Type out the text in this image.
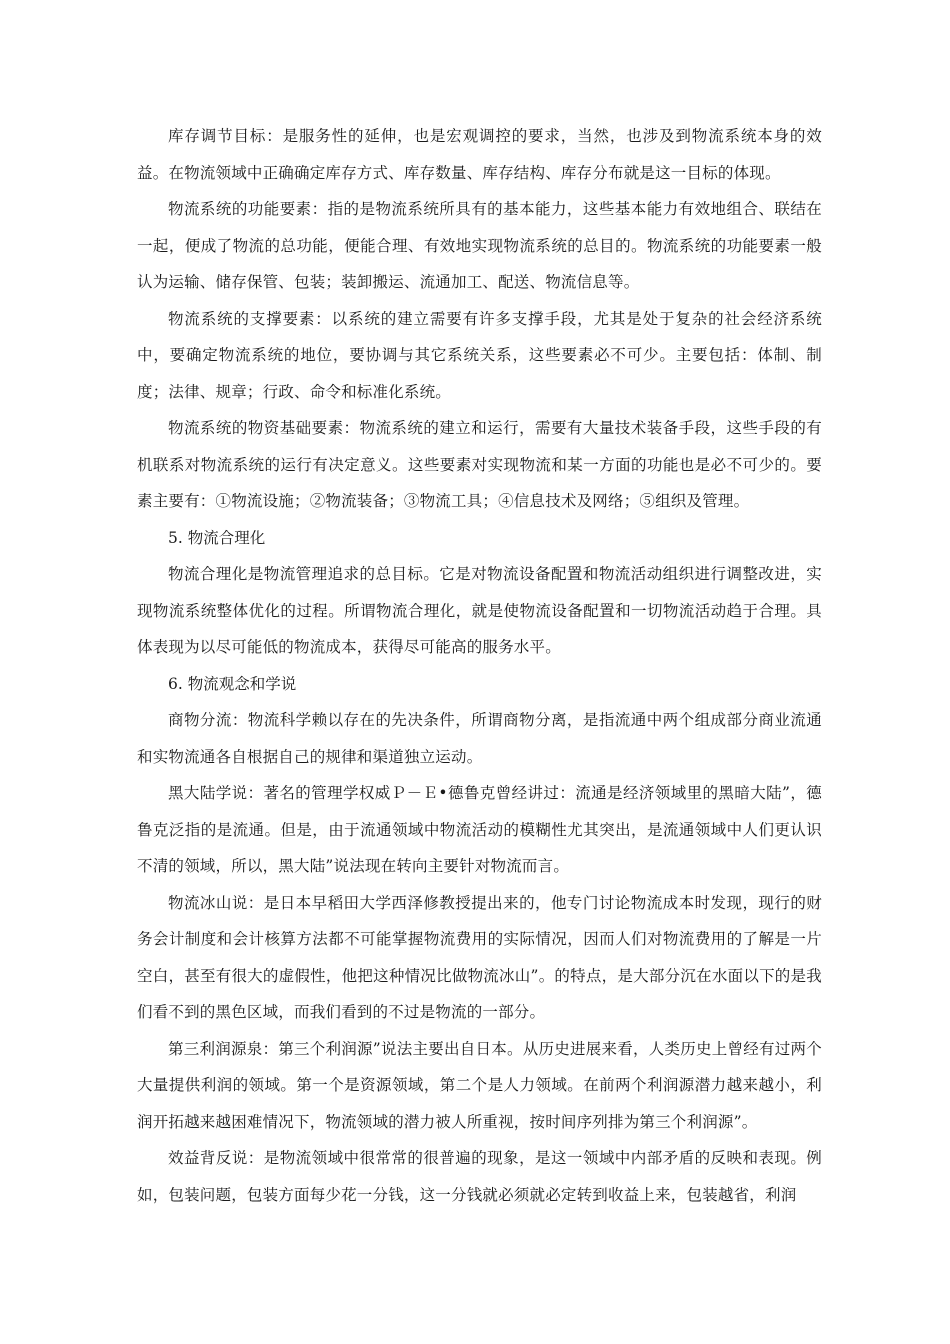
库存调节目标：是服务性的延伸，也是宏观调控的要求，当然，也涉及到物流系统本身的效益。在物流领域中正确确定库存方式、库存数量、库存结构、库存分布就是这一目标的体现。

物流系统的功能要素：指的是物流系统所具有的基本能力，这些基本能力有效地组合、联结在一起，便成了物流的总功能，便能合理、有效地实现物流系统的总目的。物流系统的功能要素一般认为运输、储存保管、包装；装卸搬运、流通加工、配送、物流信息等。

物流系统的支撑要素：以系统的建立需要有许多支撑手段，尤其是处于复杂的社会经济系统中，要确定物流系统的地位，要协调与其它系统关系，这些要素必不可少。主要包括：体制、制度；法律、规章；行政、命令和标准化系统。

物流系统的物资基础要素：物流系统的建立和运行，需要有大量技术装备手段，这些手段的有机联系对物流系统的运行有决定意义。这些要素对实现物流和某一方面的功能也是必不可少的。要素主要有：①物流设施；②物流装备；③物流工具；④信息技术及网络；⑤组织及管理。

5. 物流合理化

物流合理化是物流管理追求的总目标。它是对物流设备配置和物流活动组织进行调整改进，实现物流系统整体优化的过程。所谓物流合理化，就是使物流设备配置和一切物流活动趋于合理。具体表现为以尽可能低的物流成本，获得尽可能高的服务水平。

6. 物流观念和学说

商物分流：物流科学赖以存在的先决条件，所谓商物分离，是指流通中两个组成部分商业流通和实物流通各自根据自己的规律和渠道独立运动。

黑大陆学说：著名的管理学权威Ｐ－Ｅ•德鲁克曾经讲过：流通是经济领域里的黑暗大陆”，德鲁克泛指的是流通。但是，由于流通领域中物流活动的模糊性尤其突出，是流通领域中人们更认识不清的领域，所以，黑大陆”说法现在转向主要针对物流而言。

物流冰山说：是日本早稻田大学西泽修教授提出来的，他专门讨论物流成本时发现，现行的财务会计制度和会计核算方法都不可能掌握物流费用的实际情况，因而人们对物流费用的了解是一片空白，甚至有很大的虚假性，他把这种情况比做物流冰山”。的特点，是大部分沉在水面以下的是我们看不到的黑色区域，而我们看到的不过是物流的一部分。

第三利润源泉：第三个利润源”说法主要出自日本。从历史进展来看，人类历史上曾经有过两个大量提供利润的领域。第一个是资源领域，第二个是人力领域。在前两个利润源潜力越来越小，利润开拓越来越困难情况下，物流领域的潜力被人所重视，按时间序列排为第三个利润源”。

效益背反说：是物流领域中很常常的很普遍的现象，是这一领域中内部矛盾的反映和表现。例如，包装问题，包装方面每少花一分钱，这一分钱就必须就必定转到收益上来，包装越省，利润
